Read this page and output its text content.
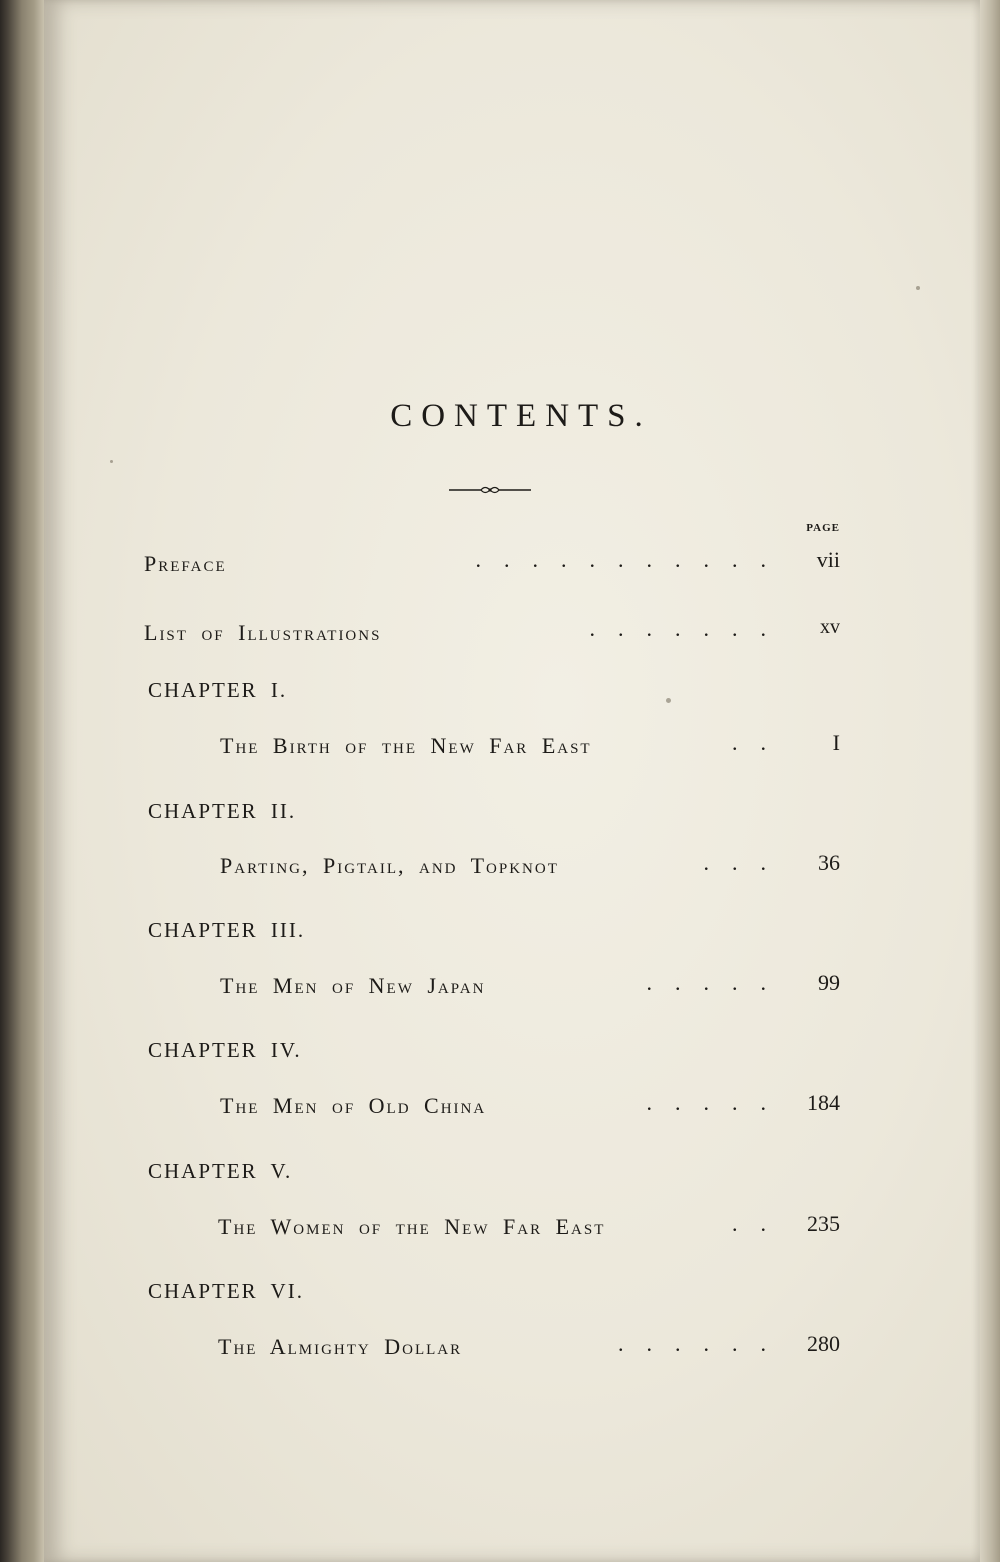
CONTENTS.
PAGE
Preface	........... vii
List of Illustrations	....... xv
CHAPTER I.
The Birth of the New Far East	.. I
CHAPTER II.
Parting, Pigtail, and Topknot	... 36
CHAPTER III.
The Men of New Japan	..... 99
CHAPTER IV.
The Men of Old China	..... 184
CHAPTER V.
The Women of the New Far East	.. 235
CHAPTER VI.
The Almighty Dollar	...... 280
